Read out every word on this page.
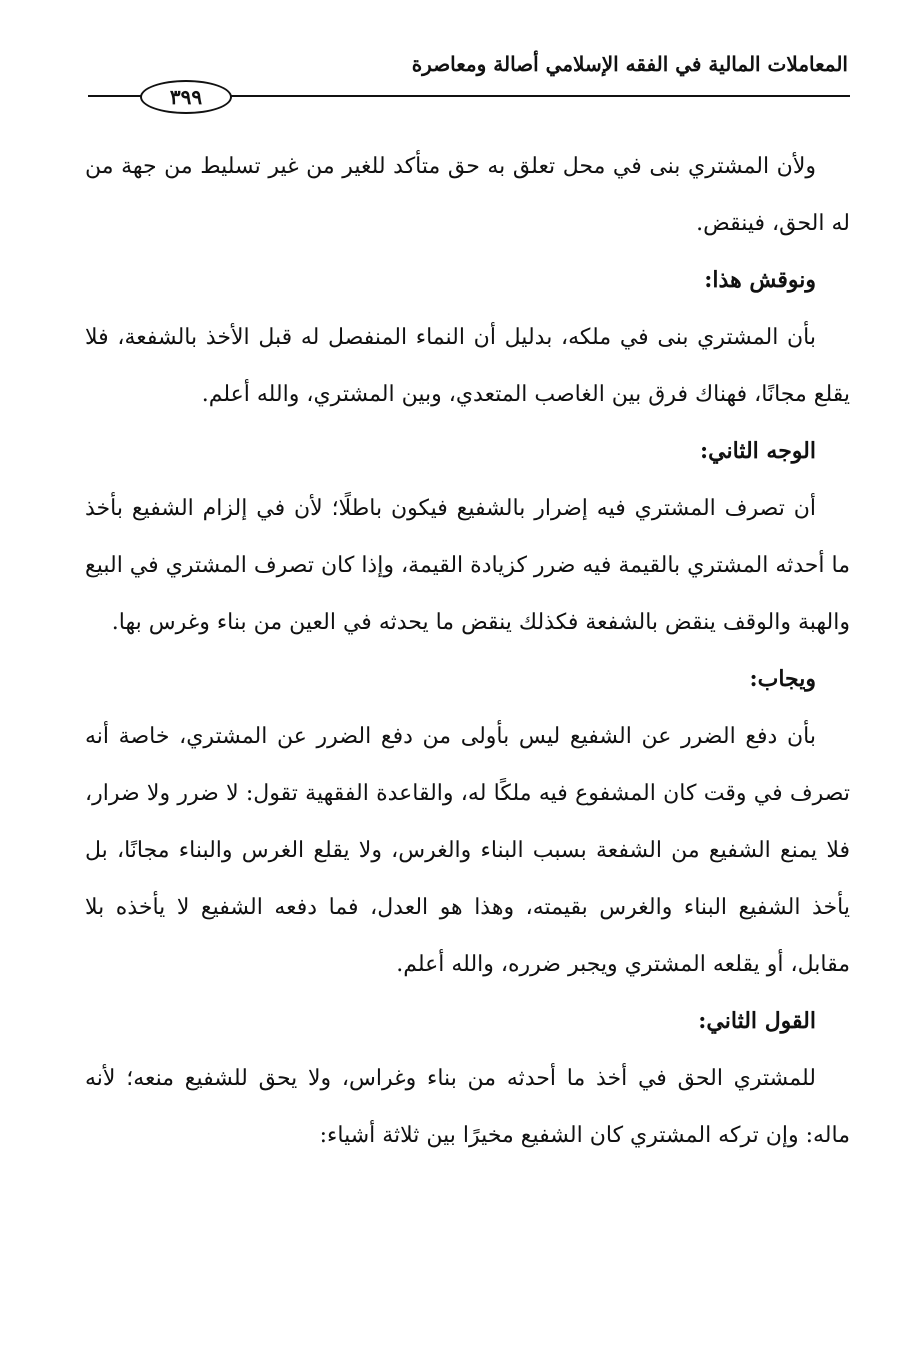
المعاملات المالية في الفقه الإسلامي أصالة ومعاصرة
٣٩٩

ولأن المشتري بنى في محل تعلق به حق متأكد للغير من غير تسليط من جهة من له الحق، فينقض.

ونوقش هذا:

بأن المشتري بنى في ملكه، بدليل أن النماء المنفصل له قبل الأخذ بالشفعة، فلا يقلع مجانًا، فهناك فرق بين الغاصب المتعدي، وبين المشتري، والله أعلم.

الوجه الثاني:

أن تصرف المشتري فيه إضرار بالشفيع فيكون باطلًا؛ لأن في إلزام الشفيع بأخذ ما أحدثه المشتري بالقيمة فيه ضرر كزيادة القيمة، وإذا كان تصرف المشتري في البيع والهبة والوقف ينقض بالشفعة فكذلك ينقض ما يحدثه في العين من بناء وغرس بها.

ويجاب:

بأن دفع الضرر عن الشفيع ليس بأولى من دفع الضرر عن المشتري، خاصة أنه تصرف في وقت كان المشفوع فيه ملكًا له، والقاعدة الفقهية تقول: لا ضرر ولا ضرار، فلا يمنع الشفيع من الشفعة بسبب البناء والغرس، ولا يقلع الغرس والبناء مجانًا، بل يأخذ الشفيع البناء والغرس بقيمته، وهذا هو العدل، فما دفعه الشفيع لا يأخذه بلا مقابل، أو يقلعه المشتري ويجبر ضرره، والله أعلم.

القول الثاني:

للمشتري الحق في أخذ ما أحدثه من بناء وغراس، ولا يحق للشفيع منعه؛ لأنه ماله: وإن تركه المشتري كان الشفيع مخيرًا بين ثلاثة أشياء:
